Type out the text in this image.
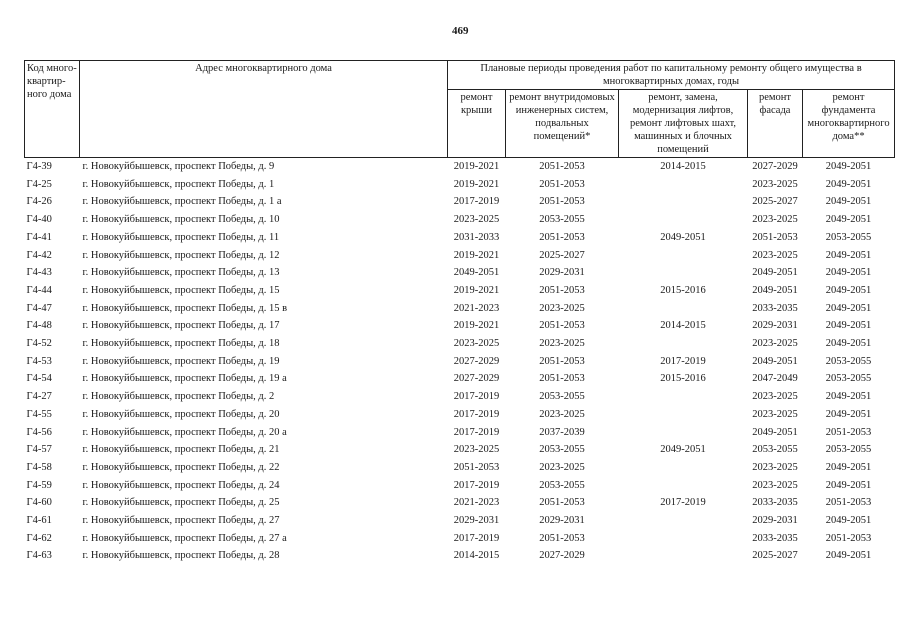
469
Код много-квартир-ного дома	Адрес многоквартирного дома	Плановые периоды проведения работ по капитальному ремонту общего имущества в многоквартирных домах, годы				
		ремонт крыши	ремонт внутридомовых инженерных систем, подвальных помещений*	ремонт, замена, модернизация лифтов, ремонт лифтовых шахт, машинных и блочных помещений	ремонт фасада	ремонт фундамента многоквартирного дома**
Г4-39	г. Новокуйбышевск, проспект Победы, д. 9	2019-2021	2051-2053	2014-2015	2027-2029	2049-2051
Г4-25	г. Новокуйбышевск, проспект Победы, д. 1	2019-2021	2051-2053		2023-2025	2049-2051
Г4-26	г. Новокуйбышевск, проспект Победы, д. 1 а	2017-2019	2051-2053		2025-2027	2049-2051
Г4-40	г. Новокуйбышевск, проспект Победы, д. 10	2023-2025	2053-2055		2023-2025	2049-2051
Г4-41	г. Новокуйбышевск, проспект Победы, д. 11	2031-2033	2051-2053	2049-2051	2051-2053	2053-2055
Г4-42	г. Новокуйбышевск, проспект Победы, д. 12	2019-2021	2025-2027		2023-2025	2049-2051
Г4-43	г. Новокуйбышевск, проспект Победы, д. 13	2049-2051	2029-2031		2049-2051	2049-2051
Г4-44	г. Новокуйбышевск, проспект Победы, д. 15	2019-2021	2051-2053	2015-2016	2049-2051	2049-2051
Г4-47	г. Новокуйбышевск, проспект Победы, д. 15 в	2021-2023	2023-2025		2033-2035	2049-2051
Г4-48	г. Новокуйбышевск, проспект Победы, д. 17	2019-2021	2051-2053	2014-2015	2029-2031	2049-2051
Г4-52	г. Новокуйбышевск, проспект Победы, д. 18	2023-2025	2023-2025		2023-2025	2049-2051
Г4-53	г. Новокуйбышевск, проспект Победы, д. 19	2027-2029	2051-2053	2017-2019	2049-2051	2053-2055
Г4-54	г. Новокуйбышевск, проспект Победы, д. 19 а	2027-2029	2051-2053	2015-2016	2047-2049	2053-2055
Г4-27	г. Новокуйбышевск, проспект Победы, д. 2	2017-2019	2053-2055		2023-2025	2049-2051
Г4-55	г. Новокуйбышевск, проспект Победы, д. 20	2017-2019	2023-2025		2023-2025	2049-2051
Г4-56	г. Новокуйбышевск, проспект Победы, д. 20 а	2017-2019	2037-2039		2049-2051	2051-2053
Г4-57	г. Новокуйбышевск, проспект Победы, д. 21	2023-2025	2053-2055	2049-2051	2053-2055	2053-2055
Г4-58	г. Новокуйбышевск, проспект Победы, д. 22	2051-2053	2023-2025		2023-2025	2049-2051
Г4-59	г. Новокуйбышевск, проспект Победы, д. 24	2017-2019	2053-2055		2023-2025	2049-2051
Г4-60	г. Новокуйбышевск, проспект Победы, д. 25	2021-2023	2051-2053	2017-2019	2033-2035	2051-2053
Г4-61	г. Новокуйбышевск, проспект Победы, д. 27	2029-2031	2029-2031		2029-2031	2049-2051
Г4-62	г. Новокуйбышевск, проспект Победы, д. 27 а	2017-2019	2051-2053		2033-2035	2051-2053
Г4-63	г. Новокуйбышевск, проспект Победы, д. 28	2014-2015	2027-2029		2025-2027	2049-2051
